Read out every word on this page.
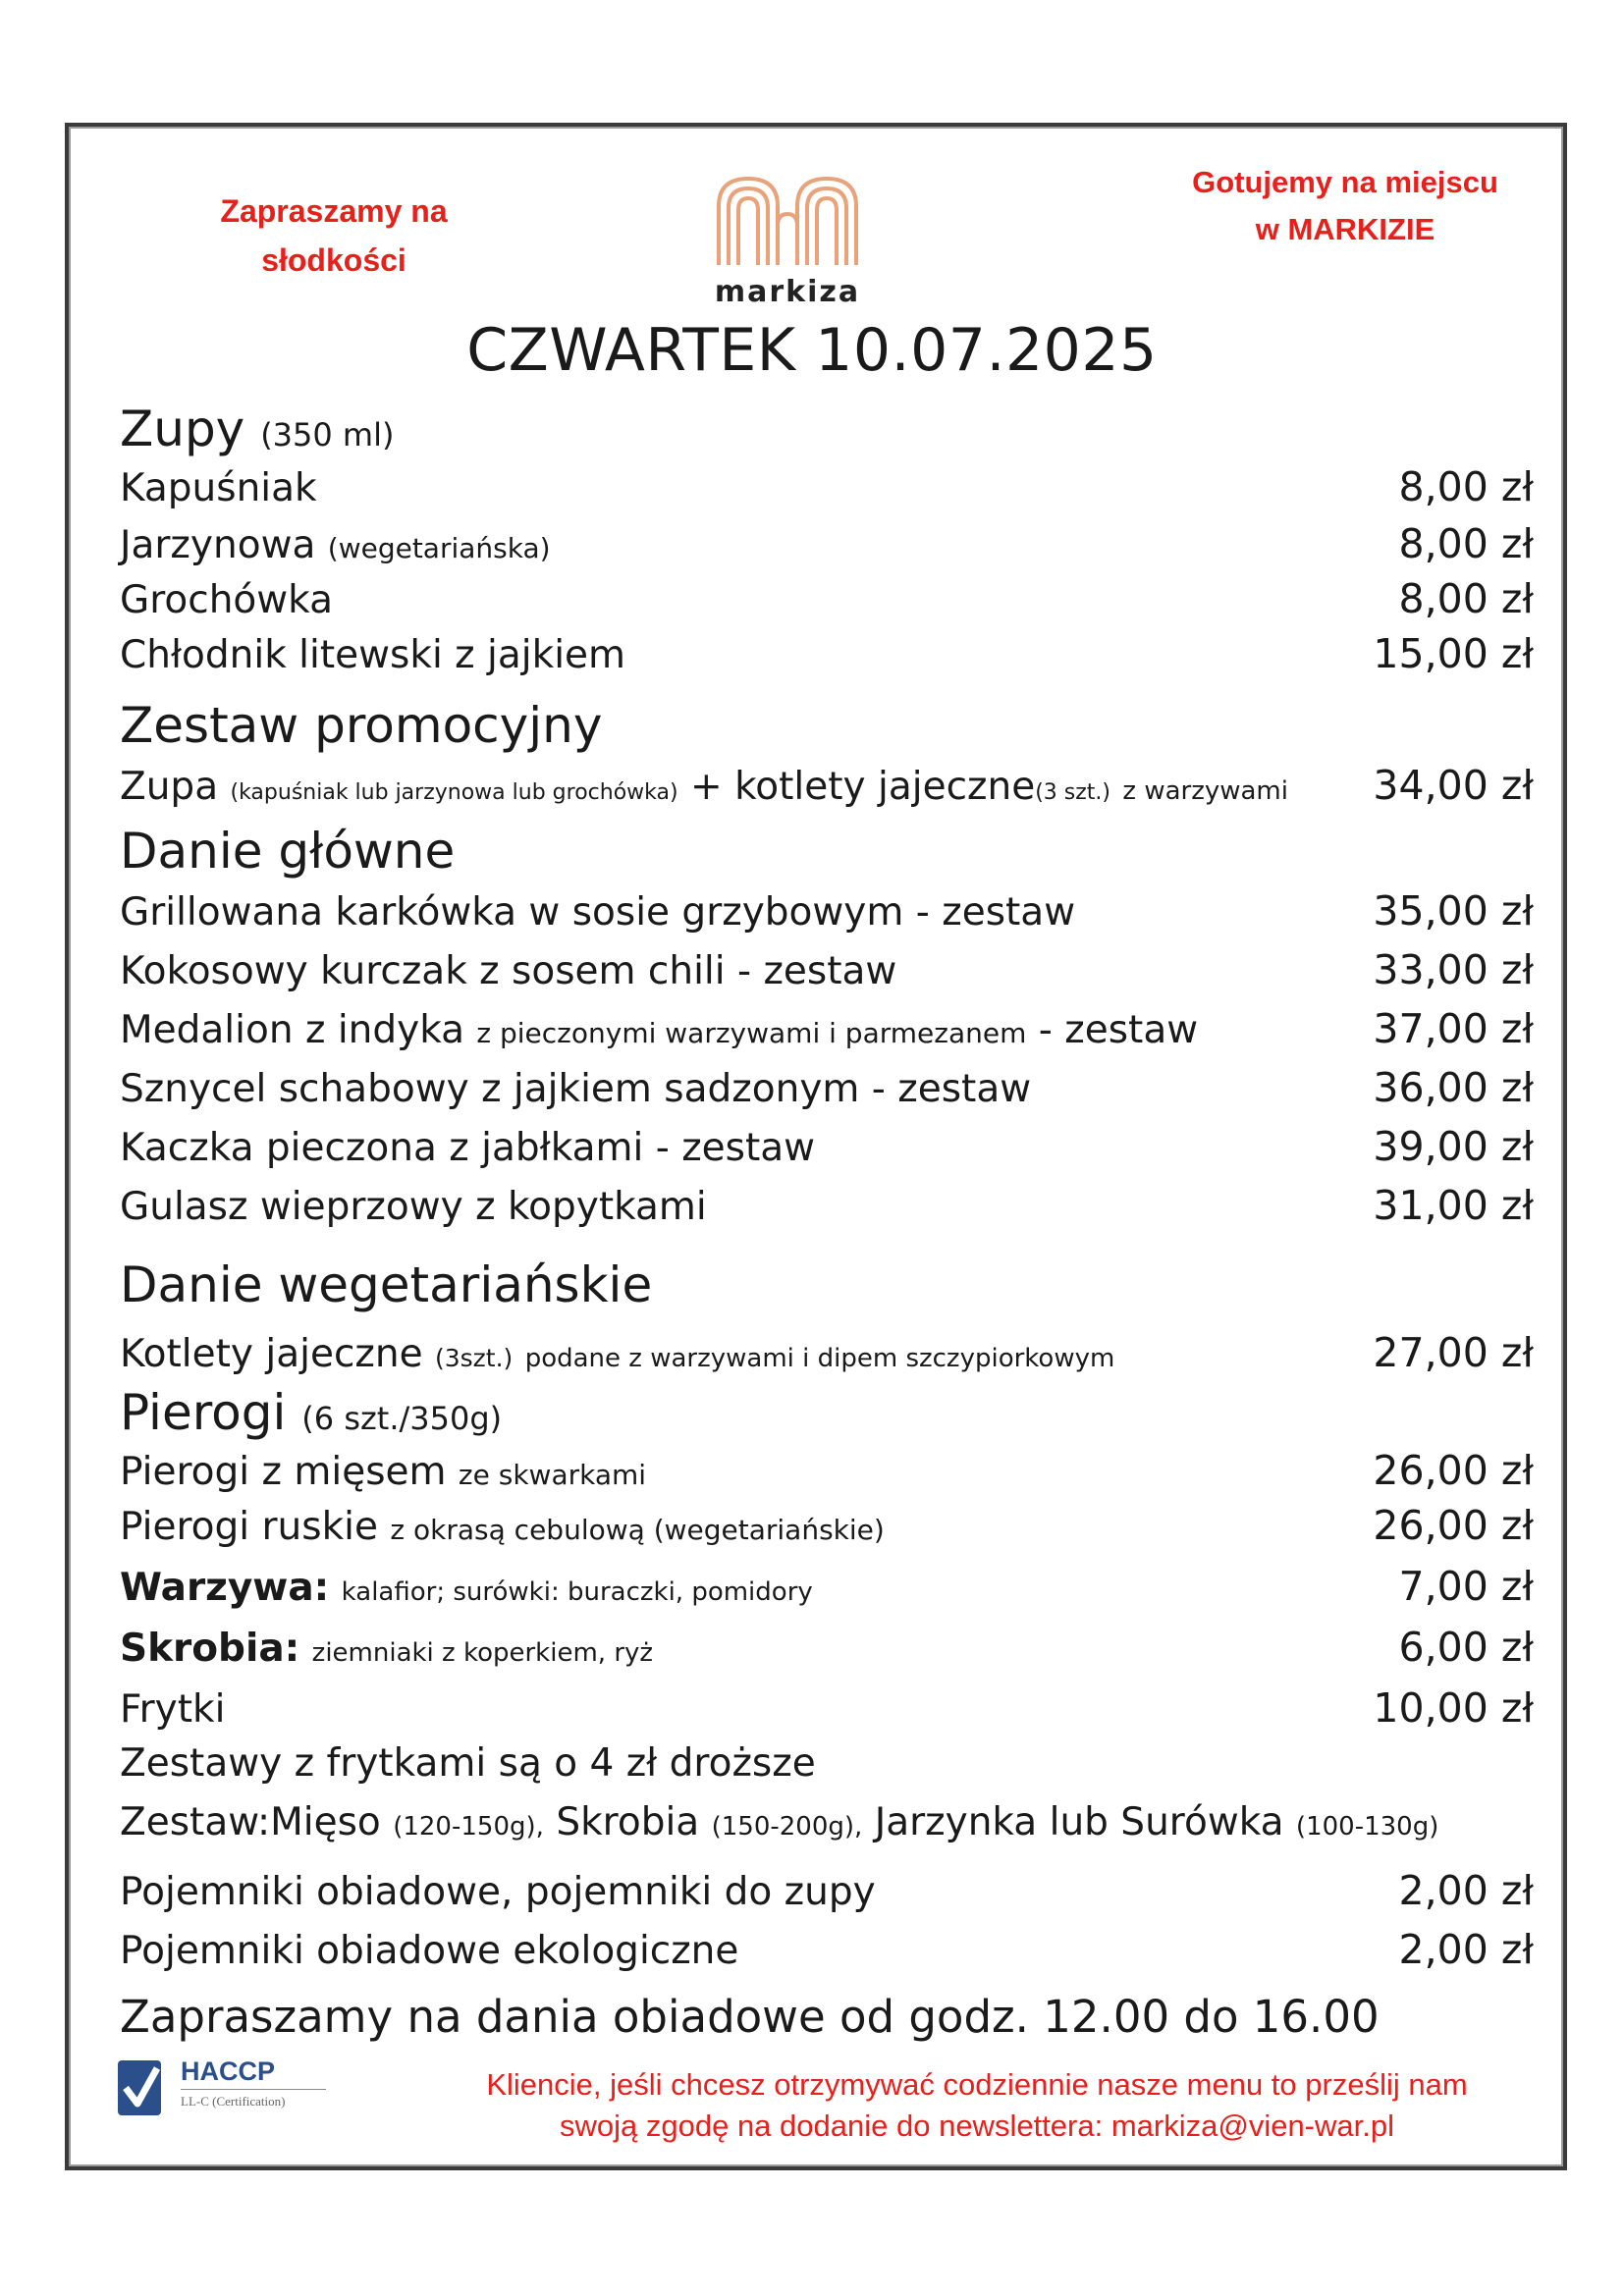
Zapraszamy na
słodkości
markiza
Gotujemy na miejscu
w MARKIZIE
CZWARTEK 10.07.2025
Zupy (350 ml)
Kapuśniak	8,00 zł
Jarzynowa (wegetariańska)	8,00 zł
Grochówka	8,00 zł
Chłodnik litewski z jajkiem	15,00 zł
Zestaw promocyjny
Zupa (kapuśniak lub jarzynowa lub grochówka) + kotlety jajeczne(3 szt.) z warzywami 34,00 zł
Danie główne
Grillowana karkówka w sosie grzybowym - zestaw	35,00 zł
Kokosowy kurczak z sosem chili - zestaw	33,00 zł
Medalion z indyka z pieczonymi warzywami i parmezanem - zestaw	37,00 zł
Sznycel schabowy z jajkiem sadzonym - zestaw	36,00 zł
Kaczka pieczona z jabłkami - zestaw	39,00 zł
Gulasz wieprzowy z kopytkami	31,00 zł
Danie wegetariańskie
Kotlety jajeczne (3szt.) podane z warzywami i dipem szczypiorkowym	27,00 zł
Pierogi (6 szt./350g)
Pierogi z mięsem ze skwarkami	26,00 zł
Pierogi ruskie z okrasą cebulową (wegetariańskie)	26,00 zł
Warzywa: kalafior; surówki: buraczki, pomidory	7,00 zł
Skrobia: ziemniaki z koperkiem, ryż	6,00 zł
Frytki	10,00 zł
Zestawy z frytkami są o 4 zł droższe
Zestaw:Mięso (120-150g), Skrobia (150-200g), Jarzynka lub Surówka (100-130g)
Pojemniki obiadowe, pojemniki do zupy	2,00 zł
Pojemniki obiadowe ekologiczne	2,00 zł
Zapraszamy na dania obiadowe od godz. 12.00 do 16.00
HACCP
LL-C (Certification)	Kliencie, jeśli chcesz otrzymywać codziennie nasze menu to prześlij nam
swoją zgodę na dodanie do newslettera: markiza@vien-war.pl
